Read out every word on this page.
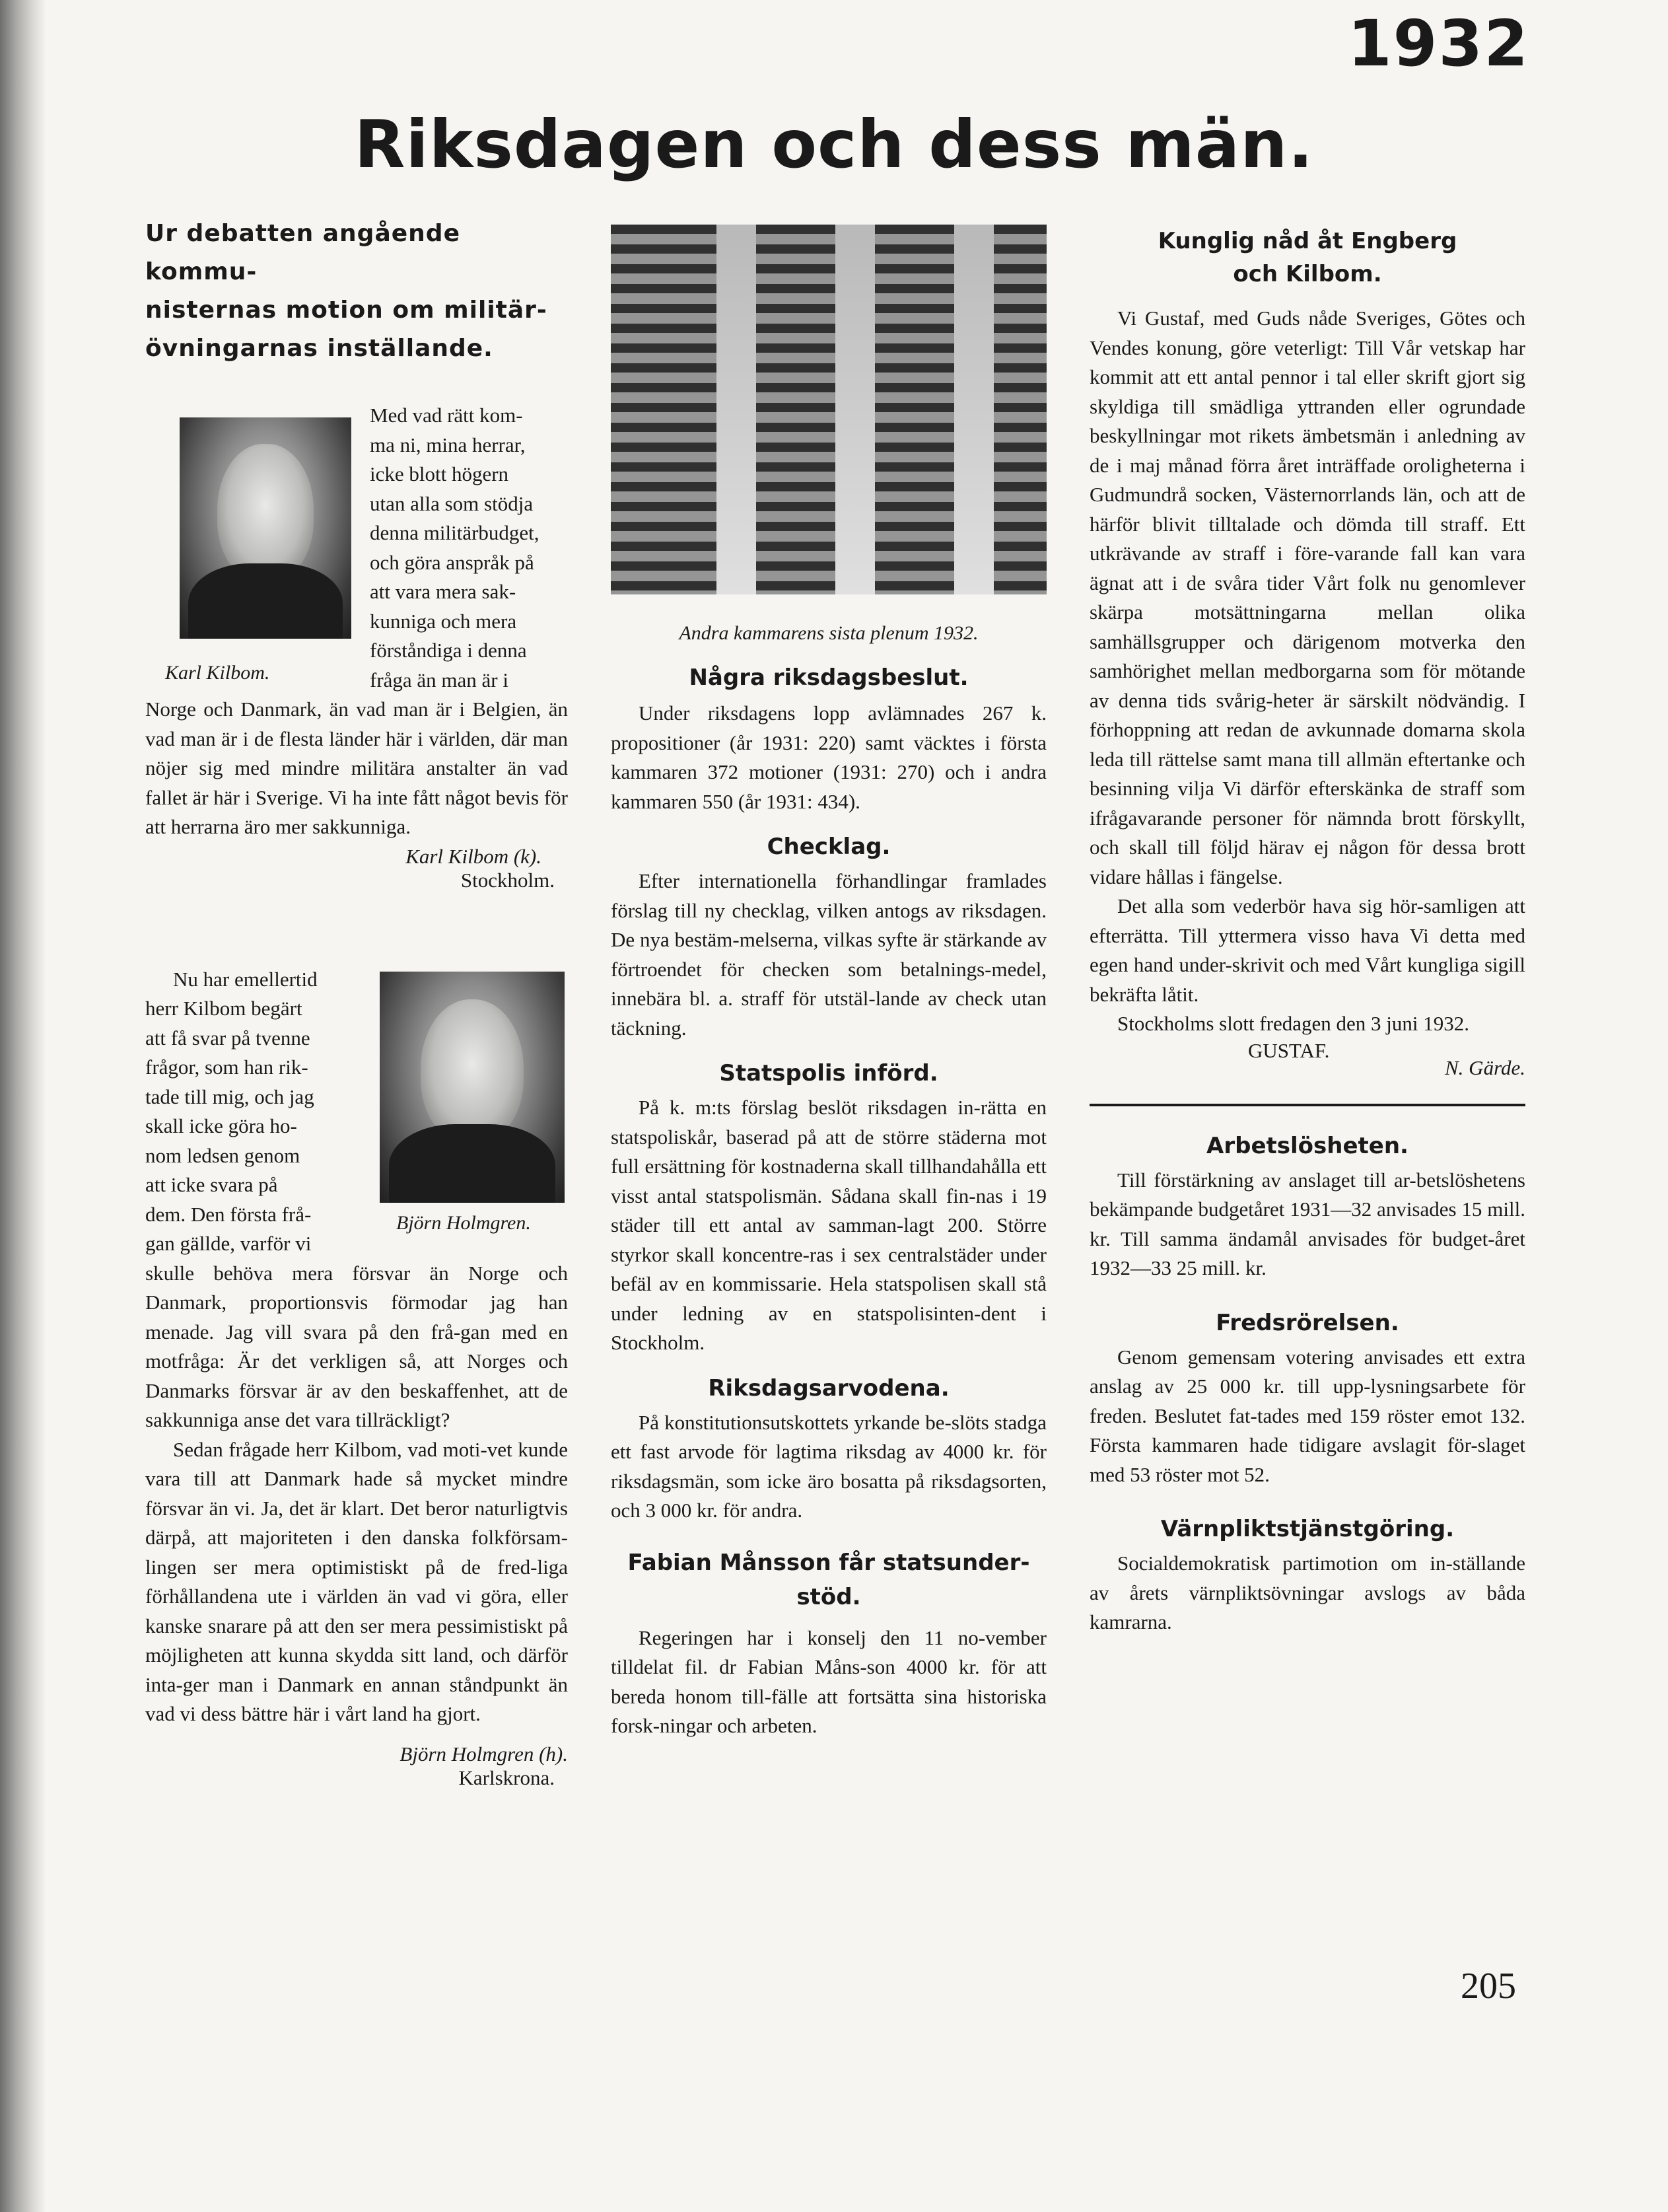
1932
Riksdagen och dess män.
Ur debatten angående kommu-
nisternas motion om militär-
övningarnas inställande.
Karl Kilbom.
Med vad rätt kom-
ma ni, mina herrar,
icke blott högern
utan alla som stödja
denna militärbudget,
och göra anspråk på
att vara mera sak-
kunniga och mera
förståndiga i denna
fråga än man är i

Norge och Danmark, än vad man är i Belgien, än vad man är i de flesta länder här i världen, där man nöjer sig med mindre militära anstalter än vad fallet är här i Sverige. Vi ha inte fått något bevis för att herrarna äro mer sakkunniga.

Karl Kilbom (k).
Stockholm.
Nu har emellertid
herr Kilbom begärt
att få svar på tvenne
frågor, som han rik-
tade till mig, och jag
skall icke göra ho-
nom ledsen genom
att icke svara på
dem. Den första frå-
gan gällde, varför vi
Björn Holmgren.

skulle behöva mera försvar än Norge och Danmark, proportionsvis förmodar jag han menade. Jag vill svara på den frå-gan med en motfråga: Är det verkligen så, att Norges och Danmarks försvar är av den beskaffenhet, att de sakkunniga anse det vara tillräckligt?

Sedan frågade herr Kilbom, vad moti-vet kunde vara till att Danmark hade så mycket mindre försvar än vi. Ja, det är klart. Det beror naturligtvis därpå, att majoriteten i den danska folkförsam-lingen ser mera optimistiskt på de fred-liga förhållandena ute i världen än vad vi göra, eller kanske snarare på att den ser mera pessimistiskt på möjligheten att kunna skydda sitt land, och därför inta-ger man i Danmark en annan ståndpunkt än vad vi dess bättre här i vårt land ha gjort.

Björn Holmgren (h).
Karlskrona.
Andra kammarens sista plenum 1932.

Några riksdagsbeslut.

Under riksdagens lopp avlämnades 267 k. propositioner (år 1931: 220) samt väcktes i första kammaren 372 motioner (1931: 270) och i andra kammaren 550 (år 1931: 434).

Checklag.

Efter internationella förhandlingar framlades förslag till ny checklag, vilken antogs av riksdagen. De nya bestäm-melserna, vilkas syfte är stärkande av förtroendet för checken som betalnings-medel, innebära bl. a. straff för utstäl-lande av check utan täckning.

Statspolis införd.

På k. m:ts förslag beslöt riksdagen in-rätta en statspoliskår, baserad på att de större städerna mot full ersättning för kostnaderna skall tillhandahålla ett visst antal statspolismän. Sådana skall fin-nas i 19 städer till ett antal av samman-lagt 200. Större styrkor skall koncentre-ras i sex centralstäder under befäl av en kommissarie. Hela statspolisen skall stå under ledning av en statspolisinten-dent i Stockholm.

Riksdagsarvodena.

På konstitutionsutskottets yrkande be-slöts stadga ett fast arvode för lagtima riksdag av 4000 kr. för riksdagsmän, som icke äro bosatta på riksdagsorten, och 3 000 kr. för andra.

Fabian Månsson får statsunder-stöd.

Regeringen har i konselj den 11 no-vember tilldelat fil. dr Fabian Måns-son 4000 kr. för att bereda honom till-fälle att fortsätta sina historiska forsk-ningar och arbeten.

Kunglig nåd åt Engberg

och Kilbom.

Vi Gustaf, med Guds nåde Sveriges, Götes och Vendes konung, göre veterligt: Till Vår vetskap har kommit att ett antal pennor i tal eller skrift gjort sig skyldiga till smädliga yttranden eller ogrundade beskyllningar mot rikets ämbetsmän i anledning av de i maj månad förra året inträffade oroligheterna i Gudmundrå socken, Västernorrlands län, och att de härför blivit tilltalade och dömda till straff. Ett utkrävande av straff i före-varande fall kan vara ägnat att i de svåra tider Vårt folk nu genomlever skärpa motsättningarna mellan olika samhällsgrupper och därigenom motverka den samhörighet mellan medborgarna som för mötande av denna tids svårig-heter är särskilt nödvändig. I förhoppning att redan de avkunnade domarna skola leda till rättelse samt mana till allmän eftertanke och besinning vilja Vi därför efterskänka de straff som ifrågavarande personer för nämnda brott förskyllt, och skall till följd härav ej någon för dessa brott vidare hållas i fängelse.

Det alla som vederbör hava sig hör-samligen att efterrätta. Till yttermera visso hava Vi detta med egen hand under-skrivit och med Vårt kungliga sigill bekräfta låtit.

Stockholms slott fredagen den 3 juni 1932.

GUSTAF.
N. Gärde.

Arbetslösheten.

Till förstärkning av anslaget till ar-betslöshetens bekämpande budgetåret 1931—32 anvisades 15 mill. kr. Till samma ändamål anvisades för budget-året 1932—33 25 mill. kr.

Fredsrörelsen.

Genom gemensam votering anvisades ett extra anslag av 25 000 kr. till upp-lysningsarbete för freden. Beslutet fat-tades med 159 röster emot 132. Första kammaren hade tidigare avslagit för-slaget med 53 röster mot 52.

Värnpliktstjänstgöring.

Socialdemokratisk partimotion om in-ställande av årets värnpliktsövningar avslogs av båda kamrarna.

205
